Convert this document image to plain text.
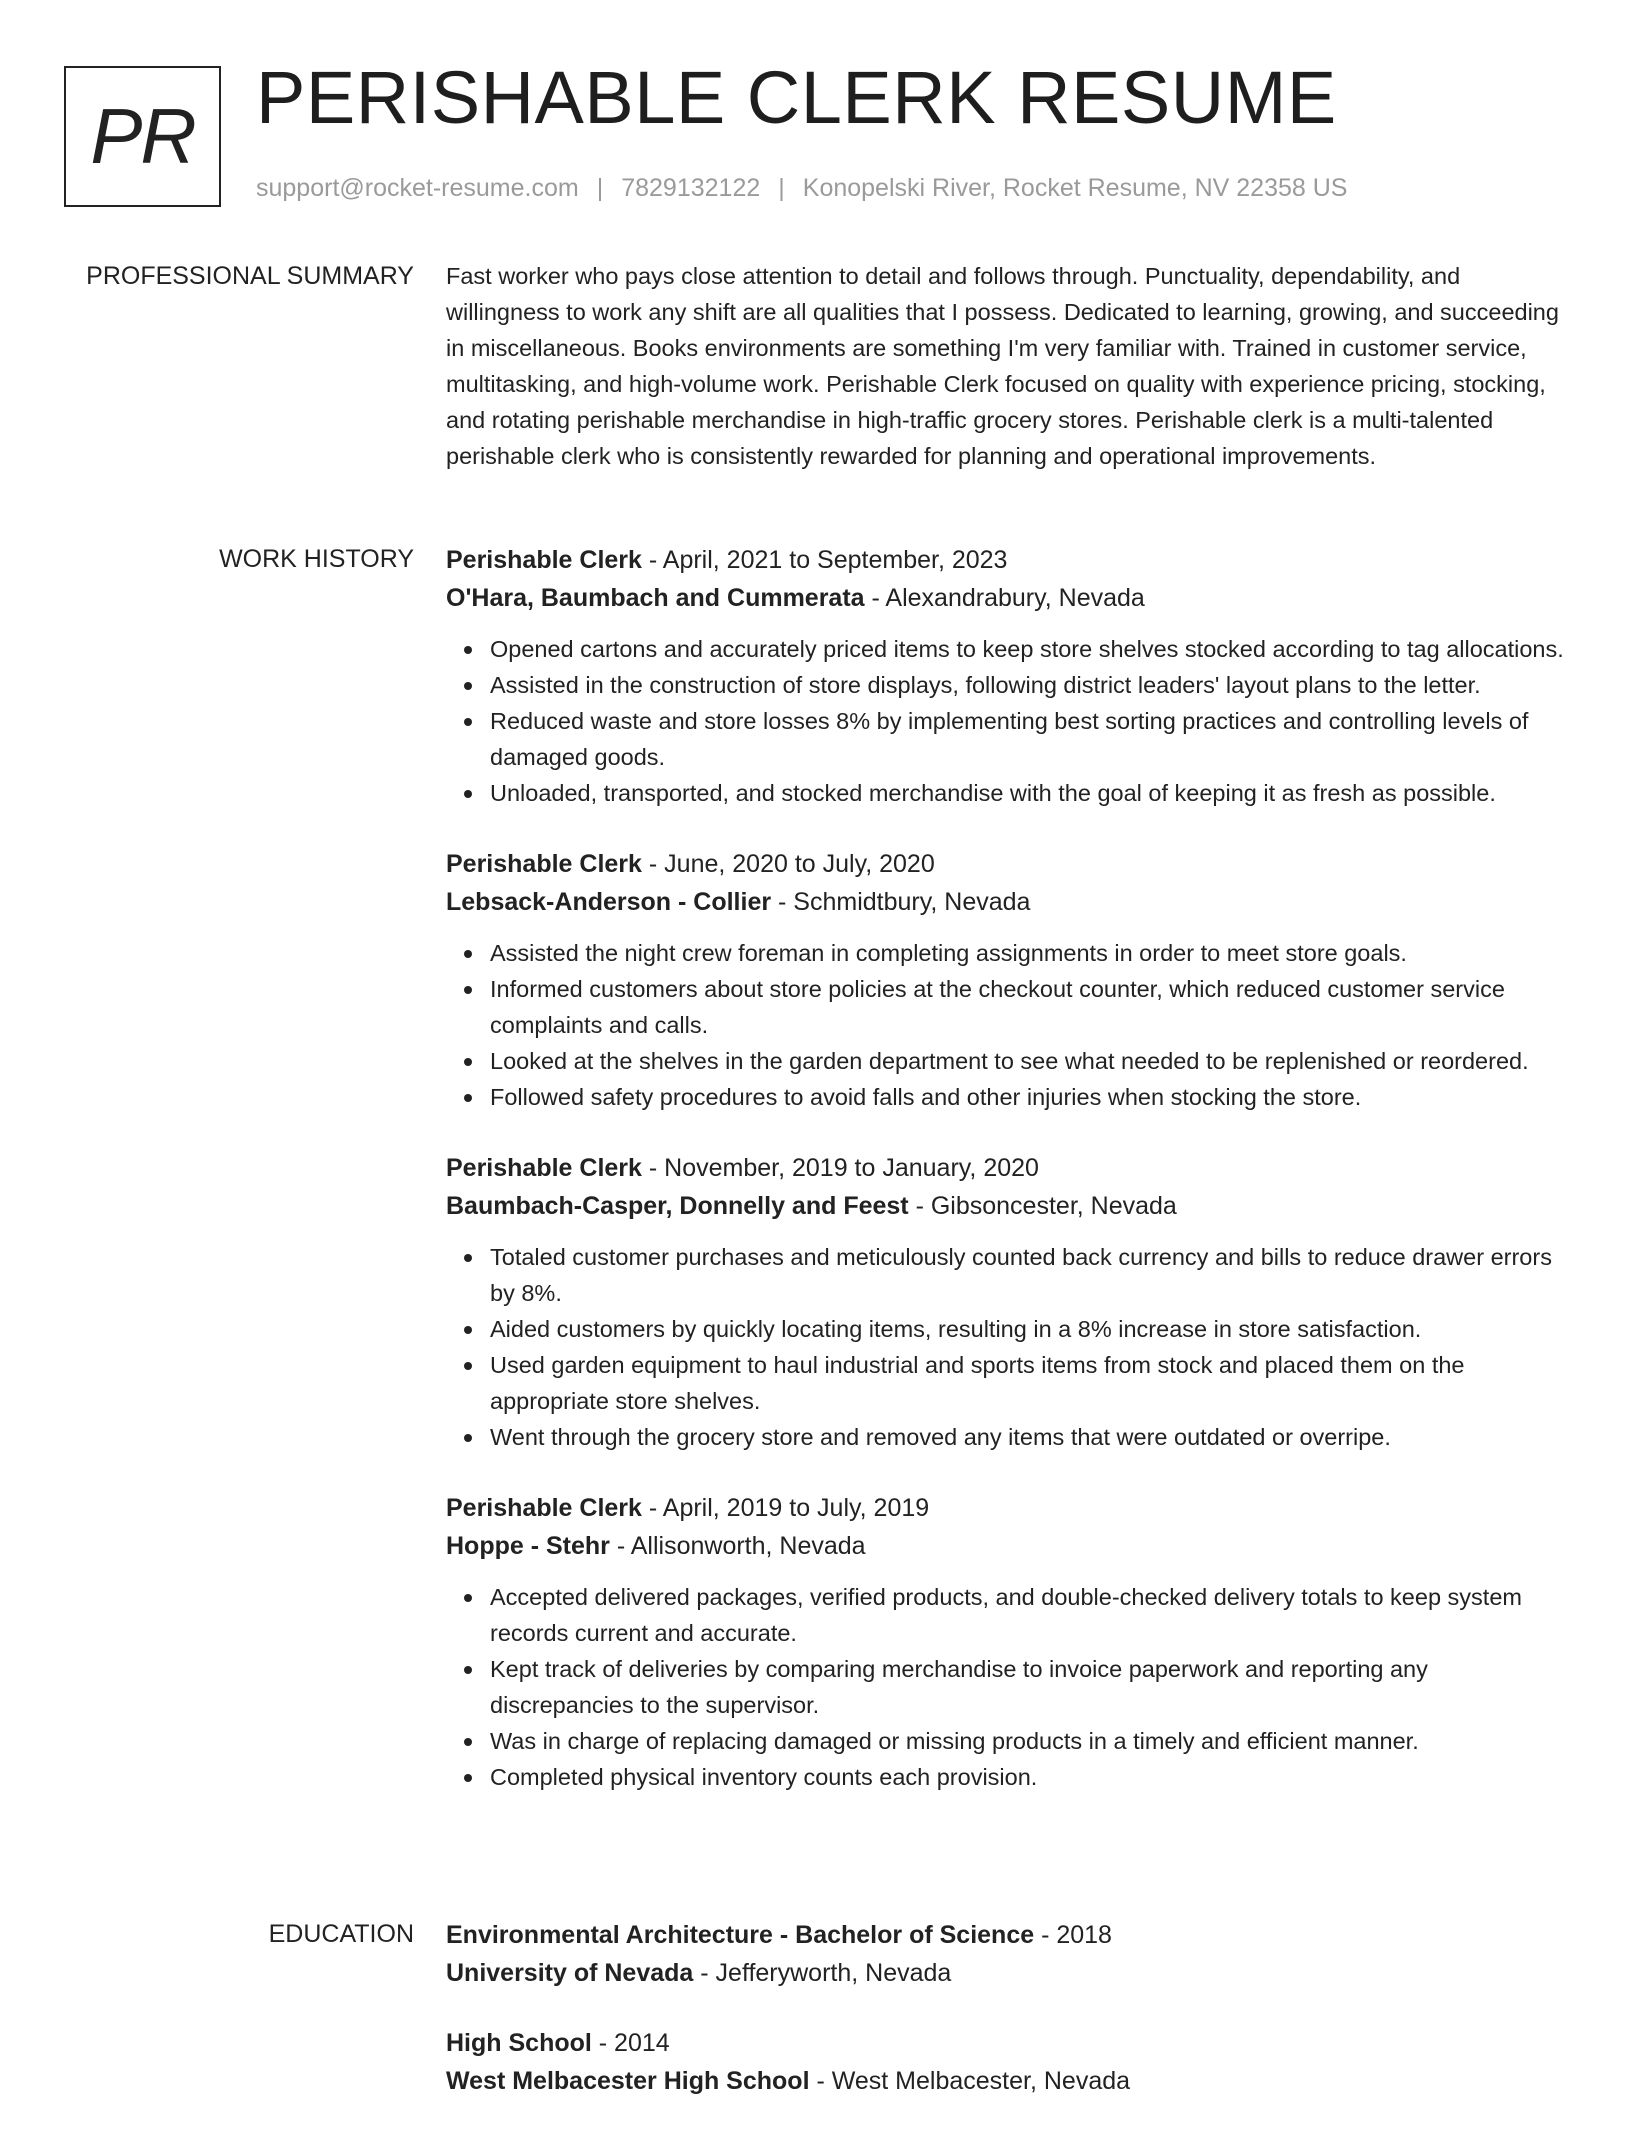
PR PERISHABLE CLERK RESUME
support@rocket-resume.com | 7829132122 | Konopelski River, Rocket Resume, NV 22358 US
PROFESSIONAL SUMMARY Fast worker who pays close attention to detail and follows through. Punctuality, dependability, and willingness to work any shift are all qualities that I possess. Dedicated to learning, growing, and succeeding in miscellaneous. Books environments are something I'm very familiar with. Trained in customer service, multitasking, and high-volume work. Perishable Clerk focused on quality with experience pricing, stocking, and rotating perishable merchandise in high-traffic grocery stores. Perishable clerk is a multi-talented perishable clerk who is consistently rewarded for planning and operational improvements.

WORK HISTORY Perishable Clerk - April, 2021 to September, 2023
O'Hara, Baumbach and Cummerata - Alexandrabury, Nevada
Opened cartons and accurately priced items to keep store shelves stocked according to tag allocations.
Assisted in the construction of store displays, following district leaders' layout plans to the letter.
Reduced waste and store losses 8% by implementing best sorting practices and controlling levels of damaged goods.
Unloaded, transported, and stocked merchandise with the goal of keeping it as fresh as possible.
Perishable Clerk - June, 2020 to July, 2020
Lebsack-Anderson - Collier - Schmidtbury, Nevada
Assisted the night crew foreman in completing assignments in order to meet store goals.
Informed customers about store policies at the checkout counter, which reduced customer service complaints and calls.
Looked at the shelves in the garden department to see what needed to be replenished or reordered.
Followed safety procedures to avoid falls and other injuries when stocking the store.
Perishable Clerk - November, 2019 to January, 2020
Baumbach-Casper, Donnelly and Feest - Gibsoncester, Nevada
Totaled customer purchases and meticulously counted back currency and bills to reduce drawer errors by 8%.
Aided customers by quickly locating items, resulting in a 8% increase in store satisfaction.
Used garden equipment to haul industrial and sports items from stock and placed them on the appropriate store shelves.
Went through the grocery store and removed any items that were outdated or overripe.
Perishable Clerk - April, 2019 to July, 2019
Hoppe - Stehr - Allisonworth, Nevada
Accepted delivered packages, verified products, and double-checked delivery totals to keep system records current and accurate.
Kept track of deliveries by comparing merchandise to invoice paperwork and reporting any discrepancies to the supervisor.
Was in charge of replacing damaged or missing products in a timely and efficient manner.
Completed physical inventory counts each provision.
EDUCATION Environmental Architecture - Bachelor of Science - 2018
University of Nevada - Jefferyworth, Nevada
High School - 2014
West Melbacester High School - West Melbacester, Nevada
